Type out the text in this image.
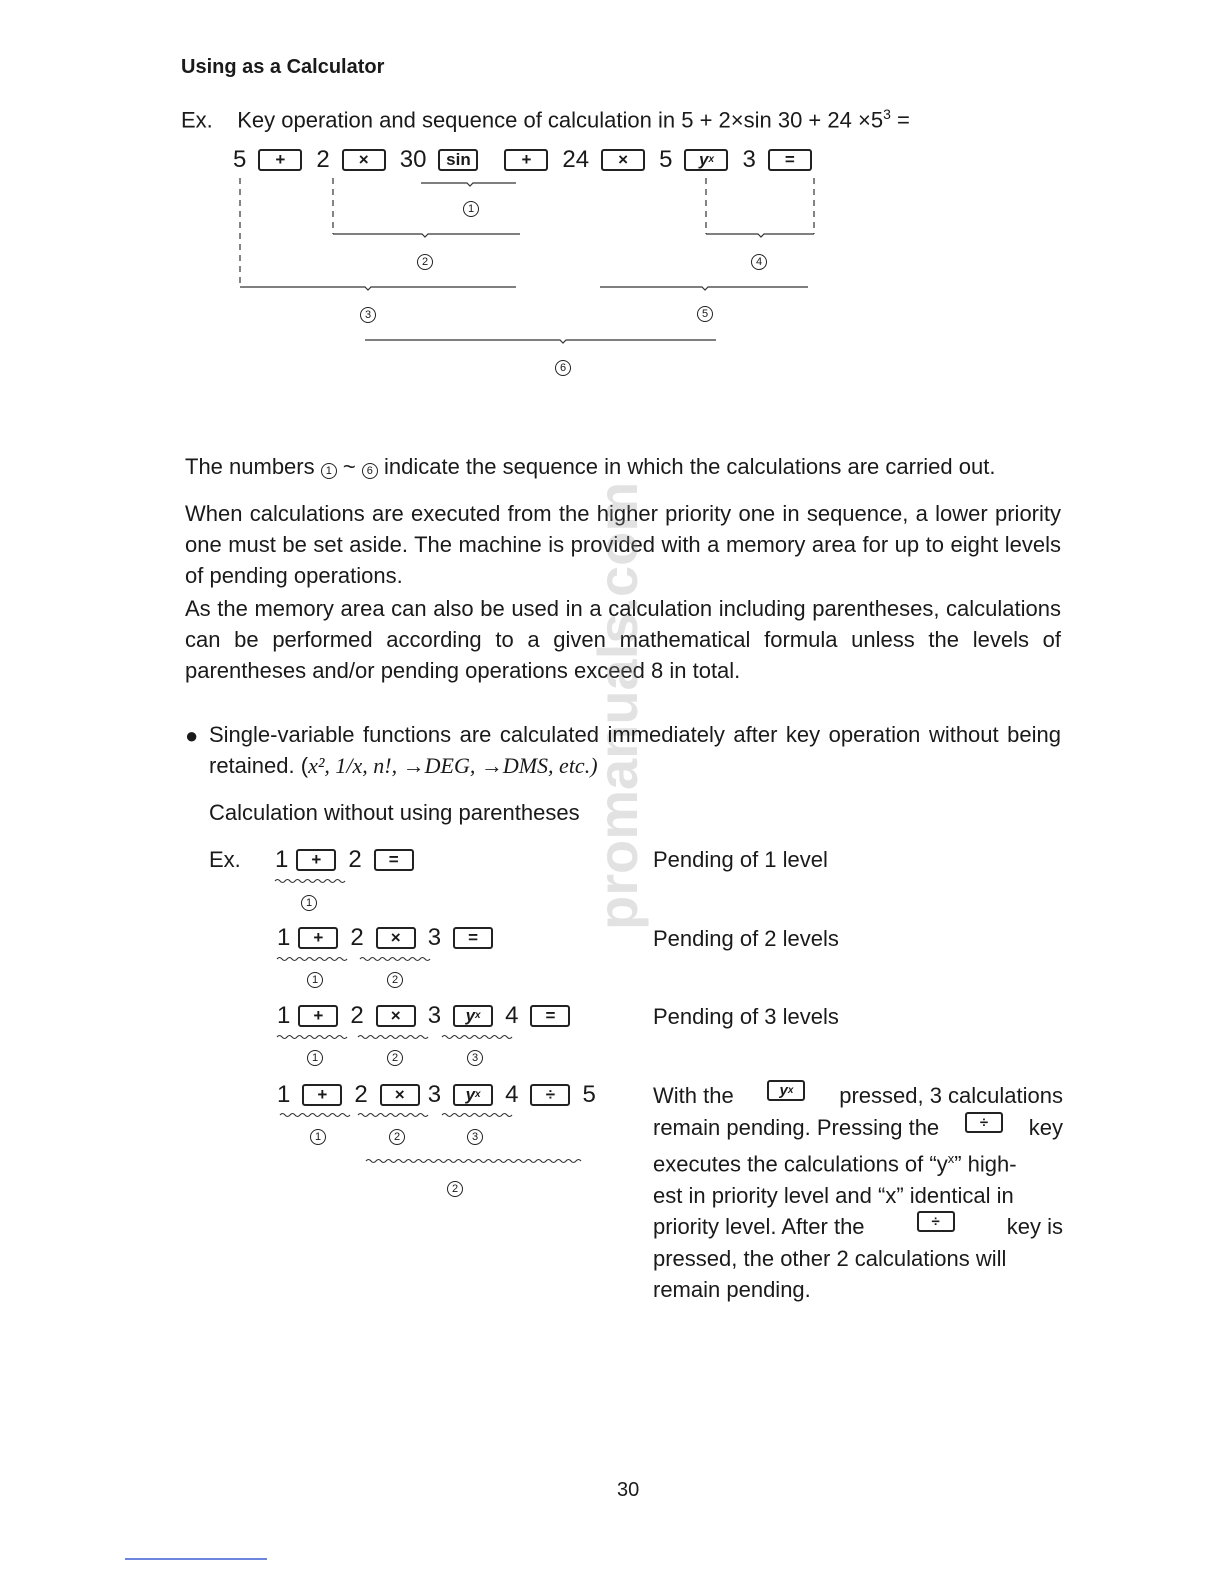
Using as a Calculator
Ex. Key operation and sequence of calculation in 5 + 2×sin $30 + 24 \times 5^3$ =
5	+	2	×	30	sin	+	24	×	5 y x 3	=
1
2	4
3	5
6
The numbers 1 ~ 6 indicate the sequence in which the calculations are carried out.
When calculations are executed from the higher priority one in sequence, a lower priority one must be set aside. The machine is provided with a memory area for up to eight levels of pending operations.
As the memory area can also be used in a calculation including parentheses, calculations can be performed according to a given mathematical formula unless the levels of parentheses and/or pending operations exceed 8 in total.
promanuals.com
● Single-variable functions are calculated immediately after key operation without being retained. (x², 1/x, n!, →DEG, →DMS, etc.)
Calculation without using parentheses
Ex. 1	+	2	=
1
Pending of 1 level
1	+	2	×	3	=
1	2
Pending of 2 levels
1	+	2	×	3 y x 4	=
1	2	3
Pending of 3 levels
1	+	2	× 3 y x 4	÷	5
1	2	3
2
With the	y x pressed, 3 calculations
remain pending. Pressing the	÷	key
executes the calculations of “$y^x$” high-
est in priority level and “x” identical in
priority level. After the	÷	key is
pressed, the other 2 calculations will
remain pending.
30
